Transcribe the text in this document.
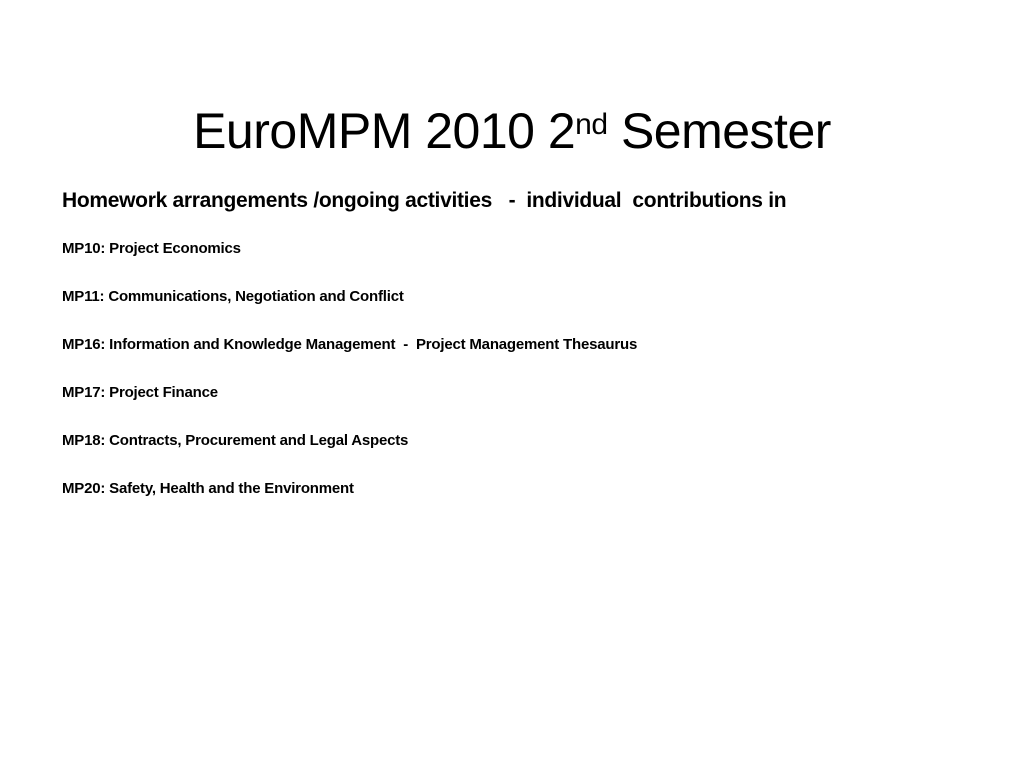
EuroMPM 2010 2nd Semester

Homework arrangements /ongoing activities   -  individual  contributions in

MP10: Project Economics
MP11: Communications, Negotiation and Conflict
MP16: Information and Knowledge Management  -  Project Management Thesaurus
MP17: Project Finance
MP18: Contracts, Procurement and Legal Aspects
MP20: Safety, Health and the Environment
